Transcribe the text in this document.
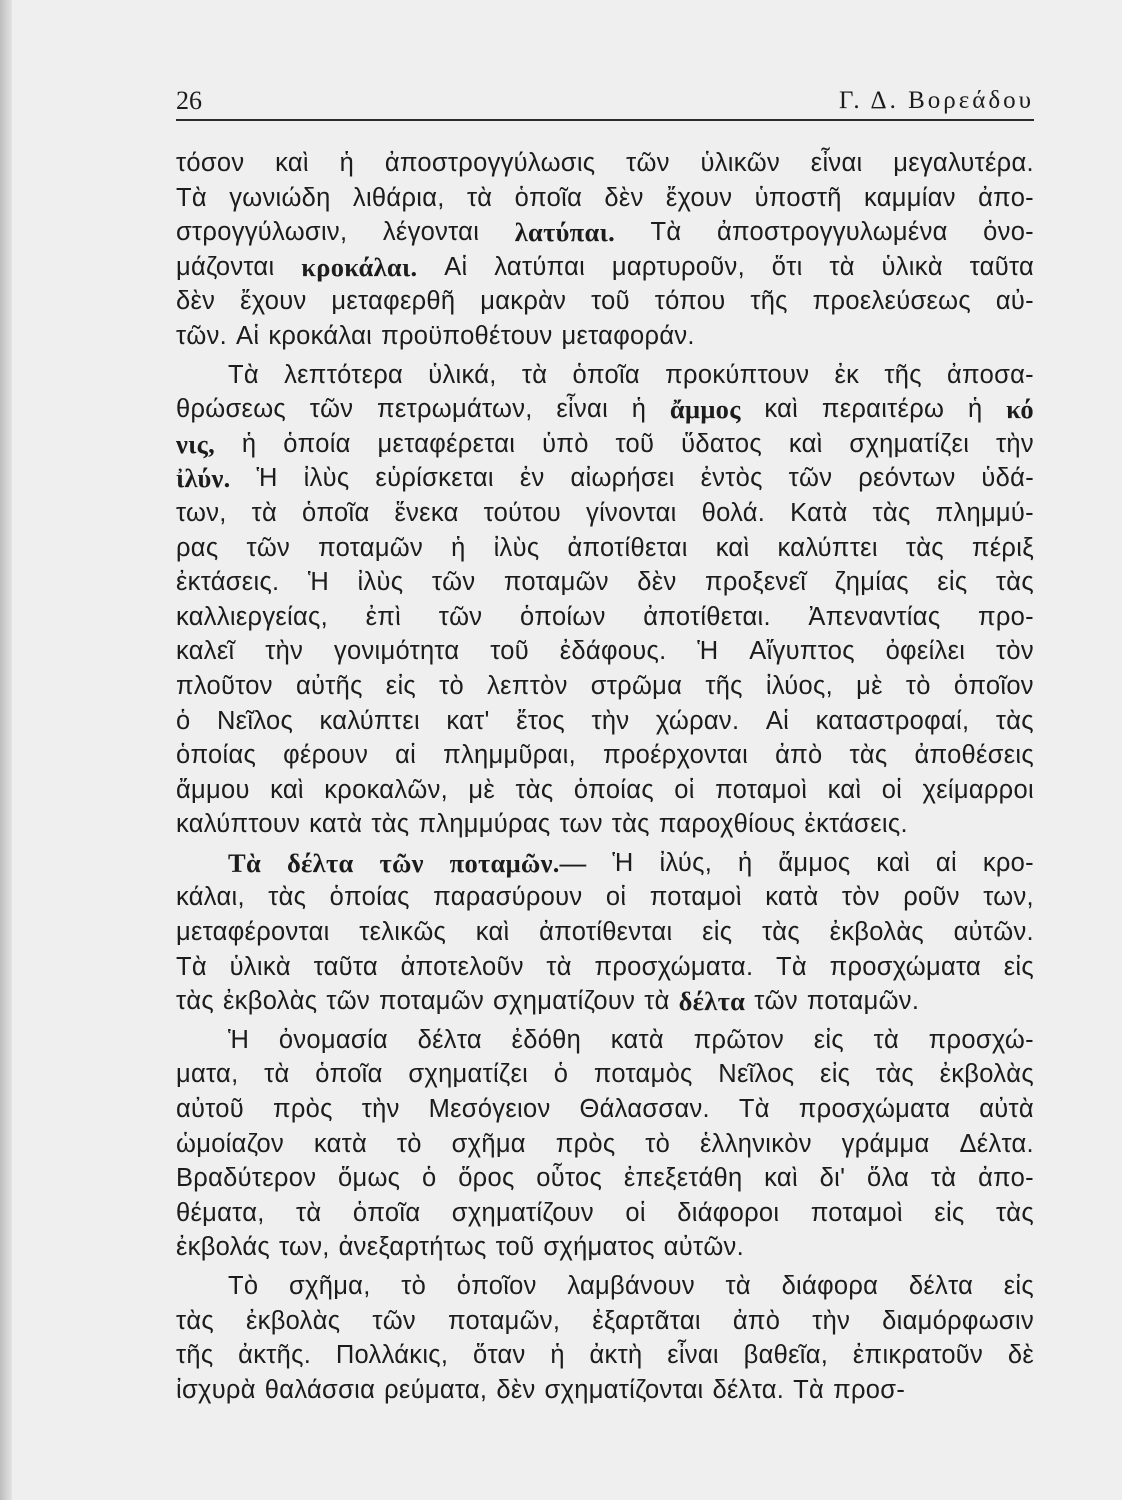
26	Γ. Δ. Βορεάδου
τόσον καὶ ἡ ἀποστρογγύλωσις τῶν ὑλικῶν εἶναι μεγαλυτέρα.
Τὰ γωνιώδη λιθάρια, τὰ ὁποῖα δὲν ἔχουν ὑποστῆ καμμίαν ἀπο-
στρογγύλωσιν, λέγονται λατύπαι. Τὰ ἀποστρογγυλωμένα ὀνο-
μάζονται κροκάλαι. Αἱ λατύπαι μαρτυροῦν, ὅτι τὰ ὑλικὰ ταῦτα
δὲν ἔχουν μεταφερθῆ μακρὰν τοῦ τόπου τῆς προελεύσεως αὐ-
τῶν. Αἱ κροκάλαι προϋποθέτουν μεταφοράν.
Τὰ λεπτότερα ὑλικά, τὰ ὁποῖα προκύπτουν ἐκ τῆς ἀποσα-
θρώσεως τῶν πετρωμάτων, εἶναι ἡ ἄμμος καὶ περαιτέρω ἡ κό
νις, ἡ ὁποία μεταφέρεται ὑπὸ τοῦ ὕδατος καὶ σχηματίζει τὴν
ἰλύν. Ἡ ἰλὺς εὑρίσκεται ἐν αἰωρήσει ἐντὸς τῶν ρεόντων ὑδά-
των, τὰ ὁποῖα ἕνεκα τούτου γίνονται θολά. Κατὰ τὰς πλημμύ-
ρας τῶν ποταμῶν ἡ ἰλὺς ἀποτίθεται καὶ καλύπτει τὰς πέριξ
ἐκτάσεις. Ἡ ἰλὺς τῶν ποταμῶν δὲν προξενεῖ ζημίας εἰς τὰς
καλλιεργείας, ἐπὶ τῶν ὁποίων ἀποτίθεται. Ἀπεναντίας προ-
καλεῖ τὴν γονιμότητα τοῦ ἐδάφους. Ἡ Αἴγυπτος ὀφείλει τὸν
πλοῦτον αὐτῆς εἰς τὸ λεπτὸν στρῶμα τῆς ἰλύος, μὲ τὸ ὁποῖον
ὁ Νεῖλος καλύπτει κατ' ἔτος τὴν χώραν. Αἱ καταστροφαί, τὰς
ὁποίας φέρουν αἱ πλημμῦραι, προέρχονται ἀπὸ τὰς ἀποθέσεις
ἄμμου καὶ κροκαλῶν, μὲ τὰς ὁποίας οἱ ποταμοὶ καὶ οἱ χείμαρροι
καλύπτουν κατὰ τὰς πλημμύρας των τὰς παροχθίους ἐκτάσεις.
Τὰ δέλτα τῶν ποταμῶν.— Ἡ ἰλύς, ἡ ἄμμος καὶ αἱ κρο-
κάλαι, τὰς ὁποίας παρασύρουν οἱ ποταμοὶ κατὰ τὸν ροῦν των,
μεταφέρονται τελικῶς καὶ ἀποτίθενται εἰς τὰς ἐκβολὰς αὐτῶν.
Τὰ ὑλικὰ ταῦτα ἀποτελοῦν τὰ προσχώματα. Τὰ προσχώματα εἰς
τὰς ἐκβολὰς τῶν ποταμῶν σχηματίζουν τὰ δέλτα τῶν ποταμῶν.
Ἡ ὀνομασία δέλτα ἐδόθη κατὰ πρῶτον εἰς τὰ προσχώ-
ματα, τὰ ὁποῖα σχηματίζει ὁ ποταμὸς Νεῖλος εἰς τὰς ἐκβολὰς
αὐτοῦ πρὸς τὴν Μεσόγειον Θάλασσαν. Τὰ προσχώματα αὐτὰ
ὡμοίαζον κατὰ τὸ σχῆμα πρὸς τὸ ἑλληνικὸν γράμμα Δέλτα.
Βραδύτερον ὅμως ὁ ὅρος οὗτος ἐπεξετάθη καὶ δι' ὅλα τὰ ἀπο-
θέματα, τὰ ὁποῖα σχηματίζουν οἱ διάφοροι ποταμοὶ εἰς τὰς
ἐκβολάς των, ἀνεξαρτήτως τοῦ σχήματος αὐτῶν.
Τὸ σχῆμα, τὸ ὁποῖον λαμβάνουν τὰ διάφορα δέλτα εἰς
τὰς ἐκβολὰς τῶν ποταμῶν, ἐξαρτᾶται ἀπὸ τὴν διαμόρφωσιν
τῆς ἀκτῆς. Πολλάκις, ὅταν ἡ ἀκτὴ εἶναι βαθεῖα, ἐπικρατοῦν δὲ
ἰσχυρὰ θαλάσσια ρεύματα, δὲν σχηματίζονται δέλτα. Τὰ προσ-
